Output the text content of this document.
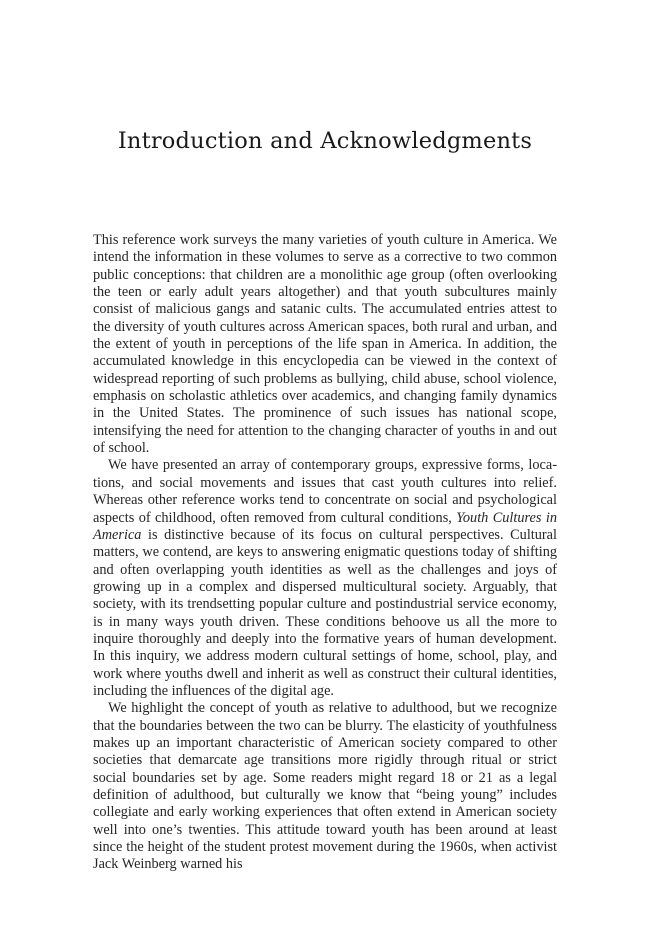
Introduction and Acknowledgments

This reference work surveys the many varieties of youth culture in America. We intend the information in these volumes to serve as a corrective to two common public conceptions: that children are a monolithic age group (often overlooking the teen or early adult years altogether) and that youth subcultures mainly consist of malicious gangs and satanic cults. The accumulated entries attest to the diversity of youth cultures across American spaces, both rural and urban, and the extent of youth in perceptions of the life span in America. In addition, the accumulated knowledge in this encyclopedia can be viewed in the context of widespread reporting of such problems as bullying, child abuse, school violence, emphasis on scholastic athletics over academics, and changing family dynamics in the United States. The prominence of such issues has national scope, intensifying the need for attention to the changing character of youths in and out of school.

We have presented an array of contemporary groups, expressive forms, locations, and social movements and issues that cast youth cultures into relief. Whereas other reference works tend to concentrate on social and psychological aspects of childhood, often removed from cultural conditions, Youth Cultures in America is distinctive because of its focus on cultural perspectives. Cultural matters, we contend, are keys to answering enigmatic questions today of shifting and often overlapping youth identities as well as the challenges and joys of growing up in a complex and dispersed multicultural society. Arguably, that society, with its trendsetting popular culture and postindustrial service economy, is in many ways youth driven. These conditions behoove us all the more to inquire thoroughly and deeply into the formative years of human development. In this inquiry, we address modern cultural settings of home, school, play, and work where youths dwell and inherit as well as construct their cultural identities, including the influences of the digital age.

We highlight the concept of youth as relative to adulthood, but we recognize that the boundaries between the two can be blurry. The elasticity of youthfulness makes up an important characteristic of American society compared to other societies that demarcate age transitions more rigidly through ritual or strict social boundaries set by age. Some readers might regard 18 or 21 as a legal definition of adulthood, but culturally we know that “being young” includes collegiate and early working experiences that often extend in American society well into one’s twenties. This attitude toward youth has been around at least since the height of the student protest movement during the 1960s, when activist Jack Weinberg warned his
